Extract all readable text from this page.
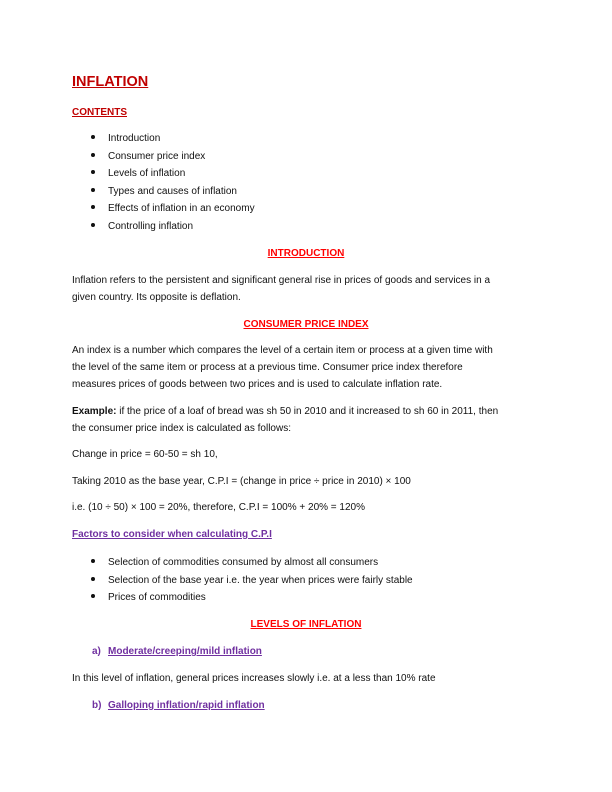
INFLATION
CONTENTS
Introduction
Consumer price index
Levels of inflation
Types and causes of inflation
Effects of inflation in an economy
Controlling inflation
INTRODUCTION
Inflation refers to the persistent and significant general rise in prices of goods and services in a
given country. Its opposite is deflation.
CONSUMER PRICE INDEX
An index is a number which compares the level of a certain item or process at a given time with
the level of the same item or process at a previous time. Consumer price index therefore
measures prices of goods between two prices and is used to calculate inflation rate.
Example: if the price of a loaf of bread was sh 50 in 2010 and it increased to sh 60 in 2011, then
the consumer price index is calculated as follows:
Change in price = 60-50 = sh 10,
Taking 2010 as the base year, C.P.I = (change in price ÷ price in 2010) × 100
i.e. (10 ÷ 50) × 100 = 20%, therefore, C.P.I = 100% + 20% = 120%
Factors to consider when calculating C.P.I
Selection of commodities consumed by almost all consumers
Selection of the base year i.e. the year when prices were fairly stable
Prices of commodities
LEVELS OF INFLATION
a) Moderate/creeping/mild inflation
In this level of inflation, general prices increases slowly i.e. at a less than 10% rate
b) Galloping inflation/rapid inflation
